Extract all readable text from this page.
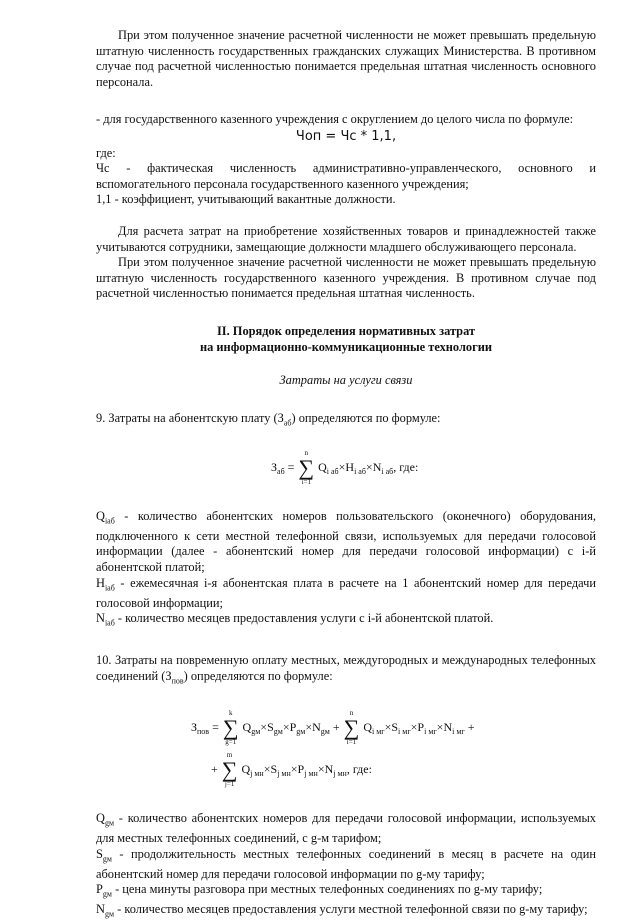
При этом полученное значение расчетной численности не может превышать предельную штатную численность государственных гражданских служащих Министерства. В противном случае под расчетной численностью понимается предельная штатная численность основного персонала.

- для государственного казенного учреждения с округлением до целого числа по формуле:

Чоп = Чс * 1,1,

где:

Чс - фактическая численность административно-управленческого, основного и вспомогательного персонала государственного казенного учреждения;

1,1 - коэффициент, учитывающий вакантные должности.

Для расчета затрат на приобретение хозяйственных товаров и принадлежностей также учитываются сотрудники, замещающие должности младшего обслуживающего персонала.

При этом полученное значение расчетной численности не может превышать предельную штатную численность государственного казенного учреждения. В противном случае под расчетной численностью понимается предельная штатная численность.

II. Порядок определения нормативных затрат
на информационно-коммуникационные технологии
Затраты на услуги связи

9. Затраты на абонентскую плату $(З_{аб})$ определяются по формуле:

$З_{аб}$ =
n
∑
i=1
$Q_{i аб}\times H_{i аб}\times N_{i аб}$, где:

$Q_{iаб}$ - количество абонентских номеров пользовательского (оконечного) оборудования, подключенного к сети местной телефонной связи, используемых для передачи голосовой информации (далее - абонентский номер для передачи голосовой информации) с i-й абонентской платой;

$H_{iаб}$ - ежемесячная i-я абонентская плата в расчете на 1 абонентский номер для передачи голосовой информации;

$N_{iаб}$ - количество месяцев предоставления услуги с i-й абонентской платой.

10. Затраты на повременную оплату местных, междугородных и международных телефонных соединений $(З_{пов})$ определяются по формуле:

$З_{пов}$ =
k
∑
g=1
$Q_{gм}\times S_{gм}\times P_{gм}\times N_{gм}$ +
n
∑
i=1
$Q_{i мг}\times S_{i мг}\times P_{i мг}\times N_{i мг}$ +
+
m
∑
j=1
$Q_{j мн}\times S_{j мн}\times P_{j мн}\times N_{j мн}$, где:

$Q_{gм}$ - количество абонентских номеров для передачи голосовой информации, используемых для местных телефонных соединений, с g-м тарифом;

$S_{gм}$ - продолжительность местных телефонных соединений в месяц в расчете на один абонентский номер для передачи голосовой информации по g-му тарифу;

$P_{gм}$ - цена минуты разговора при местных телефонных соединениях по g-му тарифу;

$N_{gм}$ - количество месяцев предоставления услуги местной телефонной связи по g-му тарифу;
